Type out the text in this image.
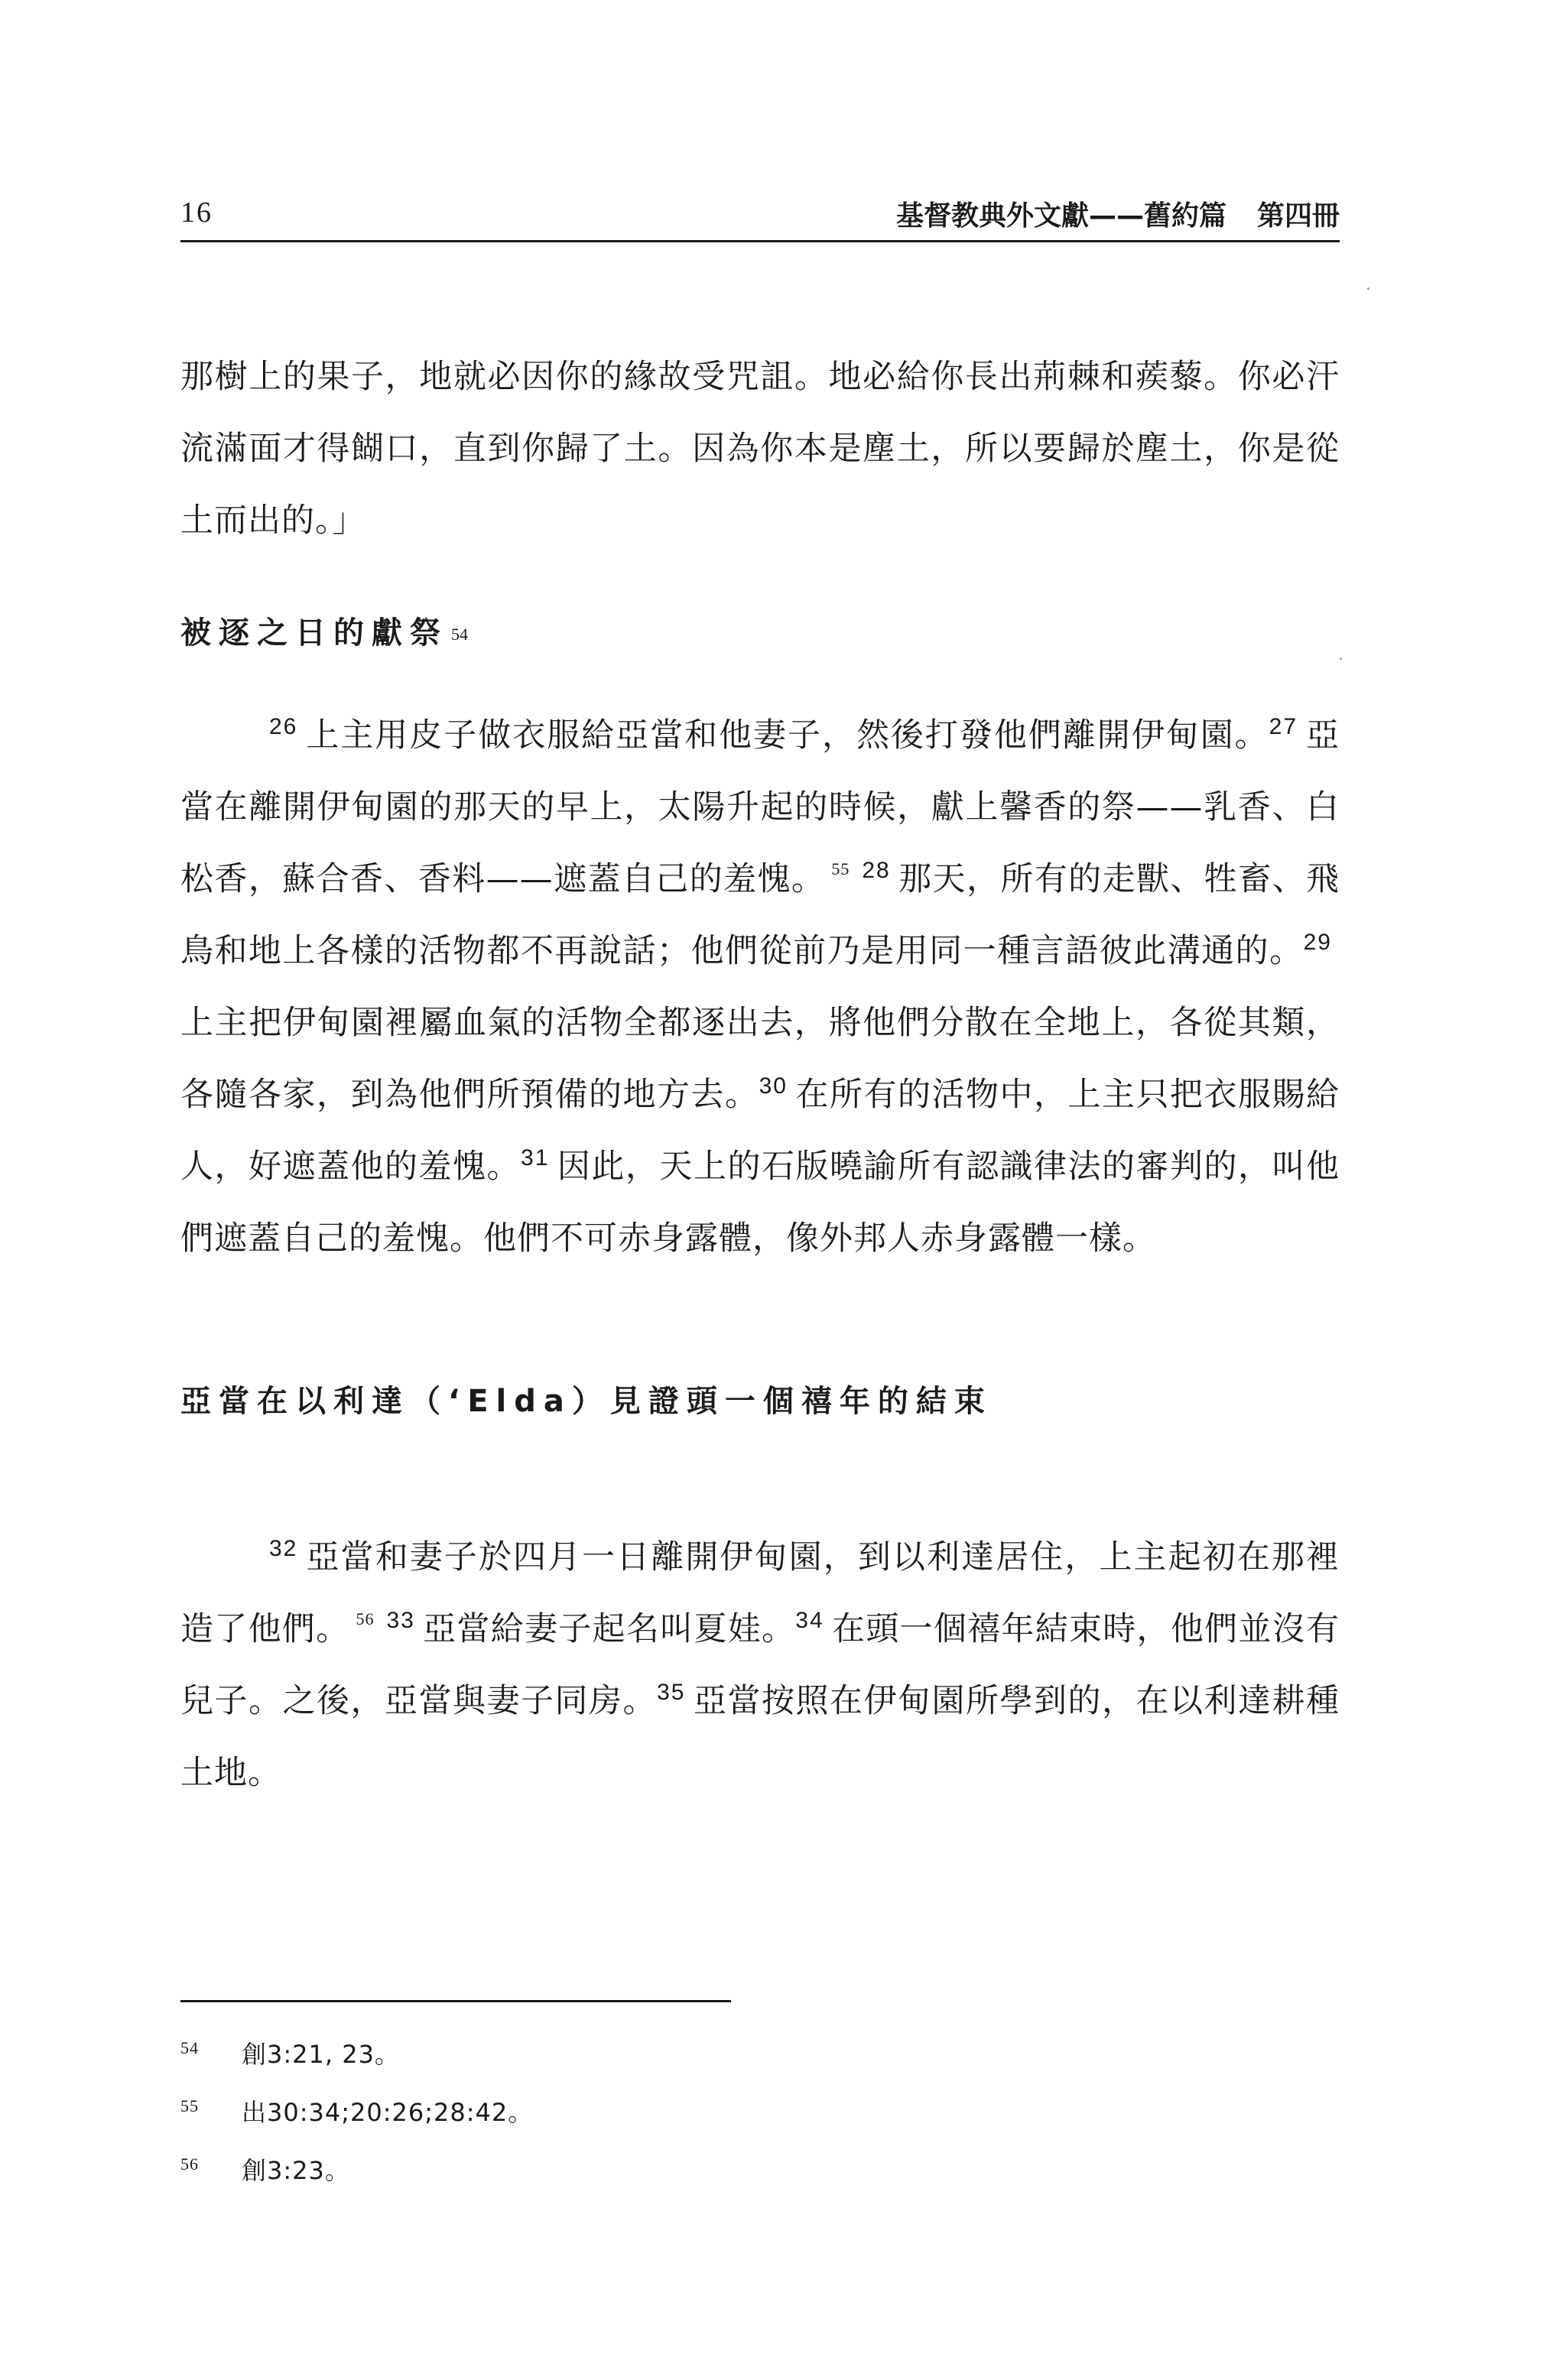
16	基督教典外文獻——舊約篇 第四冊

那樹上的果子，地就必因你的緣故受咒詛。地必給你長出荊棘和蒺藜。你必汗流滿面才得餬口，直到你歸了土。因為你本是塵土，所以要歸於塵土，你是從土而出的。」

被逐之日的獻祭 54

$^{26}$ 上主用皮子做衣服給亞當和他妻子，然後打發他們離開伊甸園。$^{27}$ 亞當在離開伊甸園的那天的早上，太陽升起的時候，獻上馨香的祭——乳香、白松香，蘇合香、香料——遮蓋自己的羞愧。 $^{55}$ $^{28}$ 那天，所有的走獸、牲畜、飛鳥和地上各樣的活物都不再說話；他們從前乃是用同一種言語彼此溝通的。$^{29}$上主把伊甸園裡屬血氣的活物全都逐出去，將他們分散在全地上，各從其類，各隨各家，到為他們所預備的地方去。$^{30}$ 在所有的活物中，上主只把衣服賜給人，好遮蓋他的羞愧。$^{31}$ 因此，天上的石版曉諭所有認識律法的審判的，叫他們遮蓋自己的羞愧。他們不可赤身露體，像外邦人赤身露體一樣。

亞當在以利達（‘Elda）見證頭一個禧年的結束

$^{32}$ 亞當和妻子於四月一日離開伊甸園，到以利達居住，上主起初在那裡造了他們。 $^{56}$ $^{33}$ 亞當給妻子起名叫夏娃。$^{34}$ 在頭一個禧年結束時，他們並沒有兒子。之後，亞當與妻子同房。$^{35}$ 亞當按照在伊甸園所學到的，在以利達耕種土地。

54 創3:21, 23。
55 出30:34;20:26;28:42。
56 創3:23。
